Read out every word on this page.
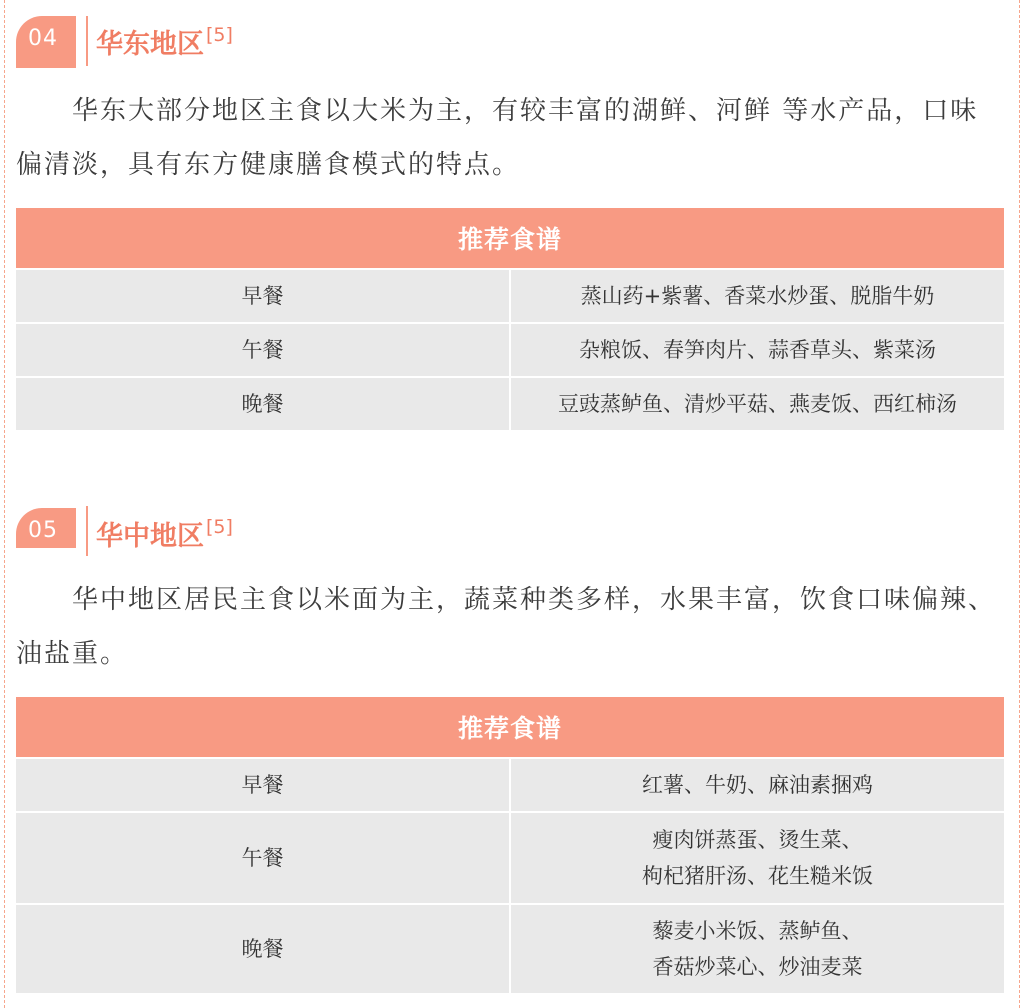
04	华东地区 [5]
华东大部分地区主食以大米为主，有较丰富的湖鲜、河鲜 等水产品，口味偏清淡，具有东方健康膳食模式的特点。
推荐食谱	
早餐	蒸山药+紫薯、香菜水炒蛋、脱脂牛奶

午餐	杂粮饭、春笋肉片、蒜香草头、紫菜汤

晚餐	豆豉蒸鲈鱼、清炒平菇、燕麦饭、西红柿汤
05	华中地区 [5]
华中地区居民主食以米面为主，蔬菜种类多样，水果丰富，饮食口味偏辣、油盐重。
推荐食谱	
早餐	红薯、牛奶、麻油素捆鸡

午餐	瘦肉饼蒸蛋、烫生菜、
枸杞猪肝汤、花生糙米饭

晚餐	藜麦小米饭、蒸鲈鱼、
香菇炒菜心、炒油麦菜
